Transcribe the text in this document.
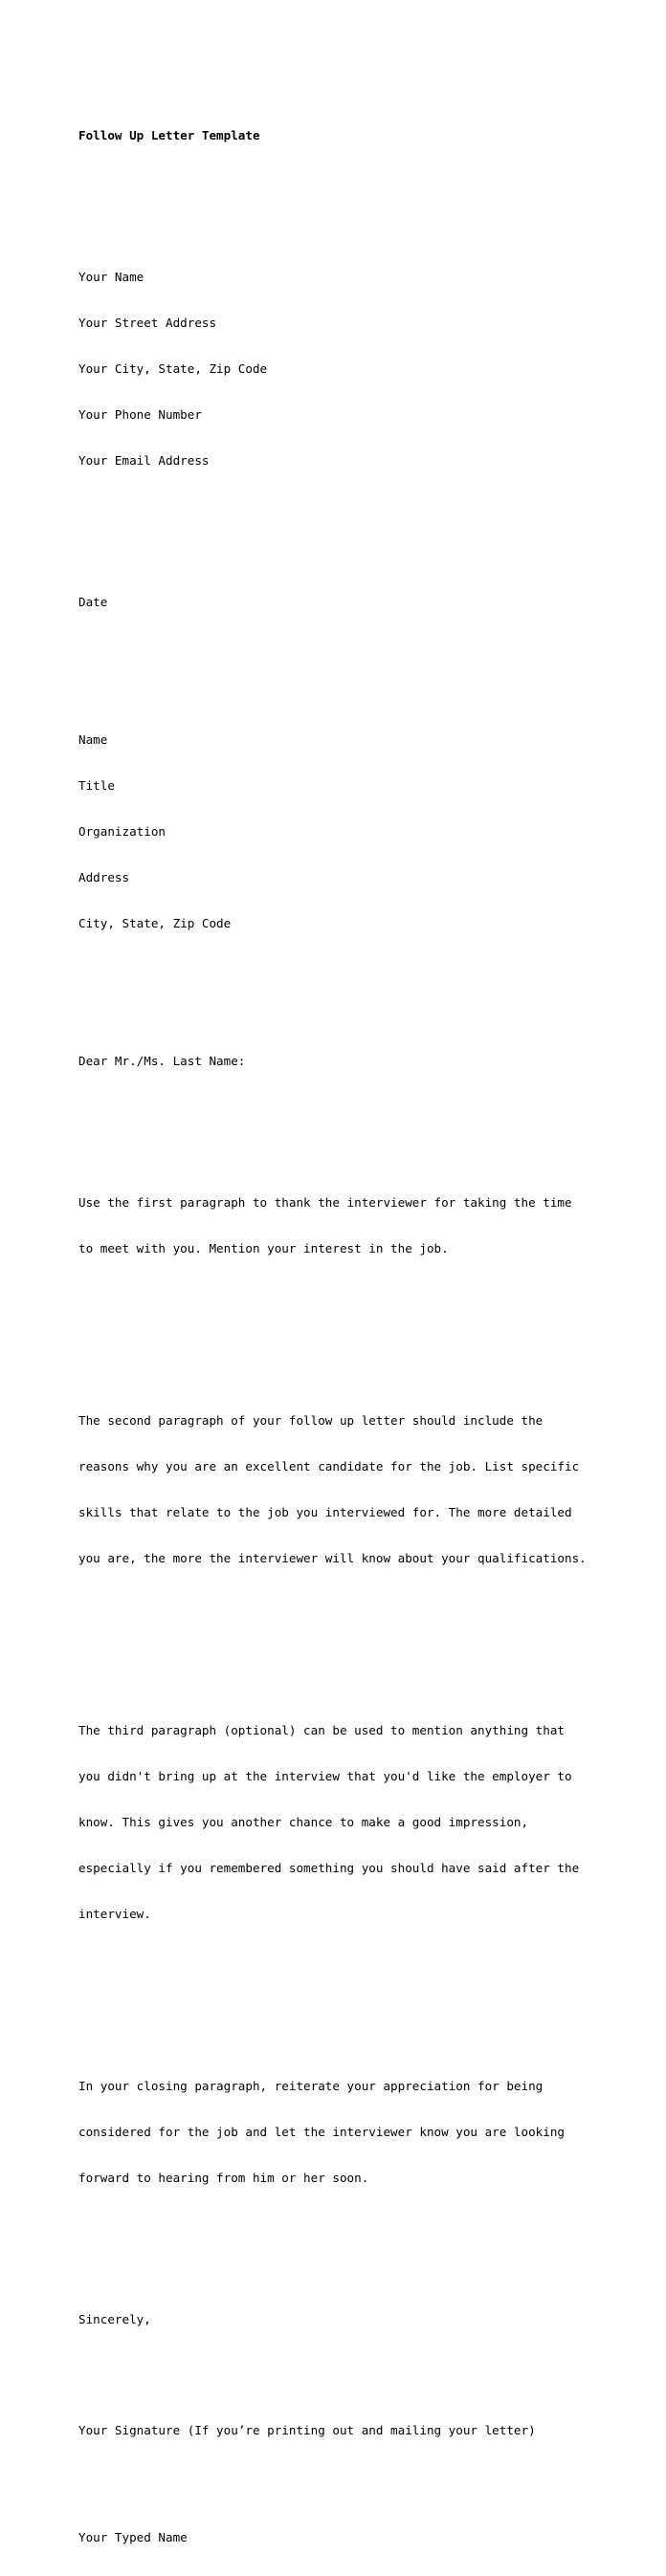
Follow Up Letter Template

Your Name

Your Street Address

Your City, State, Zip Code

Your Phone Number

Your Email Address

Date

Name

Title

Organization

Address

City, State, Zip Code

Dear Mr./Ms. Last Name:

Use the first paragraph to thank the interviewer for taking the time

to meet with you. Mention your interest in the job.

The second paragraph of your follow up letter should include the

reasons why you are an excellent candidate for the job. List specific

skills that relate to the job you interviewed for. The more detailed

you are, the more the interviewer will know about your qualifications.

The third paragraph (optional) can be used to mention anything that

you didn't bring up at the interview that you'd like the employer to

know. This gives you another chance to make a good impression,

especially if you remembered something you should have said after the

interview.

In your closing paragraph, reiterate your appreciation for being

considered for the job and let the interviewer know you are looking

forward to hearing from him or her soon.

Sincerely,

Your Signature (If you’re printing out and mailing your letter)

Your Typed Name
